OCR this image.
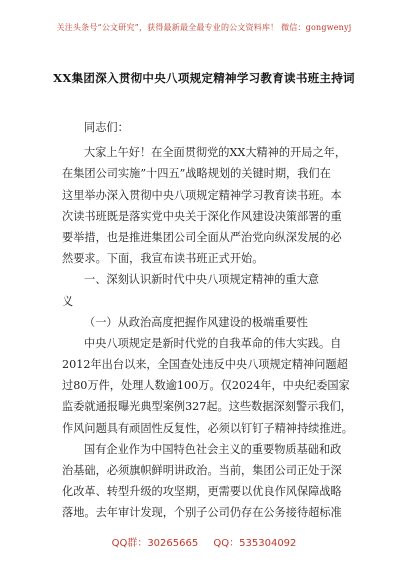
关注头条号“公文研究”，获得最新最全最专业的公文资料库！ 微信：gongwenyj
XX集团深入贯彻中央八项规定精神学习教育读书班主持词
同志们：
大家上午好！在全面贯彻党的XX大精神的开局之年，
在集团公司实施”十四五”战略规划的关键时期，我们在
这里举办深入贯彻中央八项规定精神学习教育读书班。本
次读书班既是落实党中央关于深化作风建设决策部署的重
要举措，也是推进集团公司全面从严治党向纵深发展的必
然要求。下面，我宣布读书班正式开始。
一、深刻认识新时代中央八项规定精神的重大意
义
（一）从政治高度把握作风建设的极端重要性
中央八项规定是新时代党的自我革命的伟大实践。自
2012年出台以来，全国查处违反中央八项规定精神问题超
过80万件，处理人数逾100万。仅2024年，中央纪委国家
监委就通报曝光典型案例327起。这些数据深刻警示我们，
作风问题具有顽固性反复性，必须以钉钉子精神持续推进。
国有企业作为中国特色社会主义的重要物质基础和政
治基础，必须旗帜鲜明讲政治。当前，集团公司正处于深
化改革、转型升级的攻坚期，更需要以优良作风保障战略
落地。去年审计发现，个别子公司仍存在公务接待超标准
QQ群：30265665 QQ：535304092
